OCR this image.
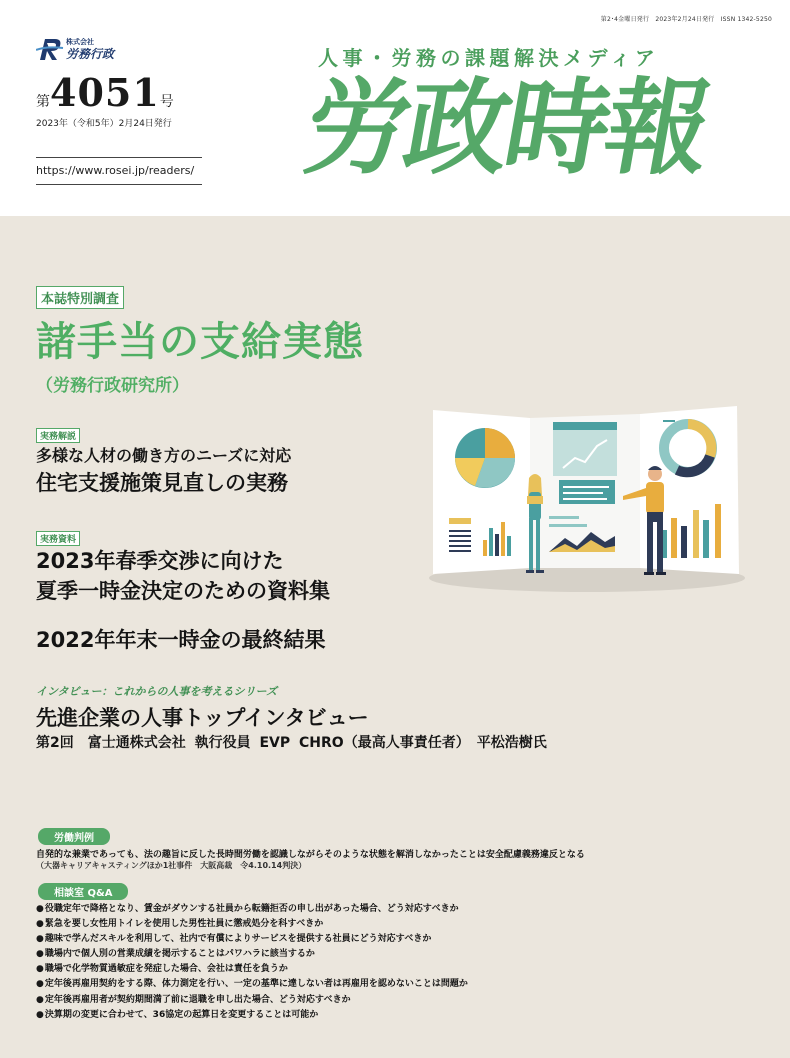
第2･4金曜日発行　2023年2月24日発行　ISSN 1342-5250
株式会社
労務行政
第4051号
2023年（令和5年）2月24日発行
https://www.rosei.jp/readers/
人事・労務の課題解決メディア
労政時報
本誌特別調査
諸手当の支給実態
（労務行政研究所）
実務解説
多様な人材の働き方のニーズに対応
住宅支援施策見直しの実務
実務資料
2023年春季交渉に向けた
夏季一時金決定のための資料集
2022年年末一時金の最終結果
インタビュー：これからの人事を考えるシリーズ
先進企業の人事トップインタビュー
第2回　富士通株式会社 執行役員 EVP CHRO（最高人事責任者）　平松浩樹氏
労働判例
自発的な兼業であっても、法の趣旨に反した長時間労働を認識しながらそのような状態を解消しなかったことは安全配慮義務違反となる
（大器キャリアキャスティングほか1社事件　大阪高裁　令4.10.14判決）
相談室 Q&A
●役職定年で降格となり、賃金がダウンする社員から転籍拒否の申し出があった場合、どう対応すべきか
●緊急を要し女性用トイレを使用した男性社員に懲戒処分を科すべきか
●趣味で学んだスキルを利用して、社内で有償によりサービスを提供する社員にどう対応すべきか
●職場内で個人別の営業成績を掲示することはパワハラに該当するか
●職場で化学物質過敏症を発症した場合、会社は責任を負うか
●定年後再雇用契約をする際、体力測定を行い、一定の基準に達しない者は再雇用を認めないことは問題か
●定年後再雇用者が契約期間満了前に退職を申し出た場合、どう対応すべきか
●決算期の変更に合わせて、36協定の起算日を変更することは可能か
